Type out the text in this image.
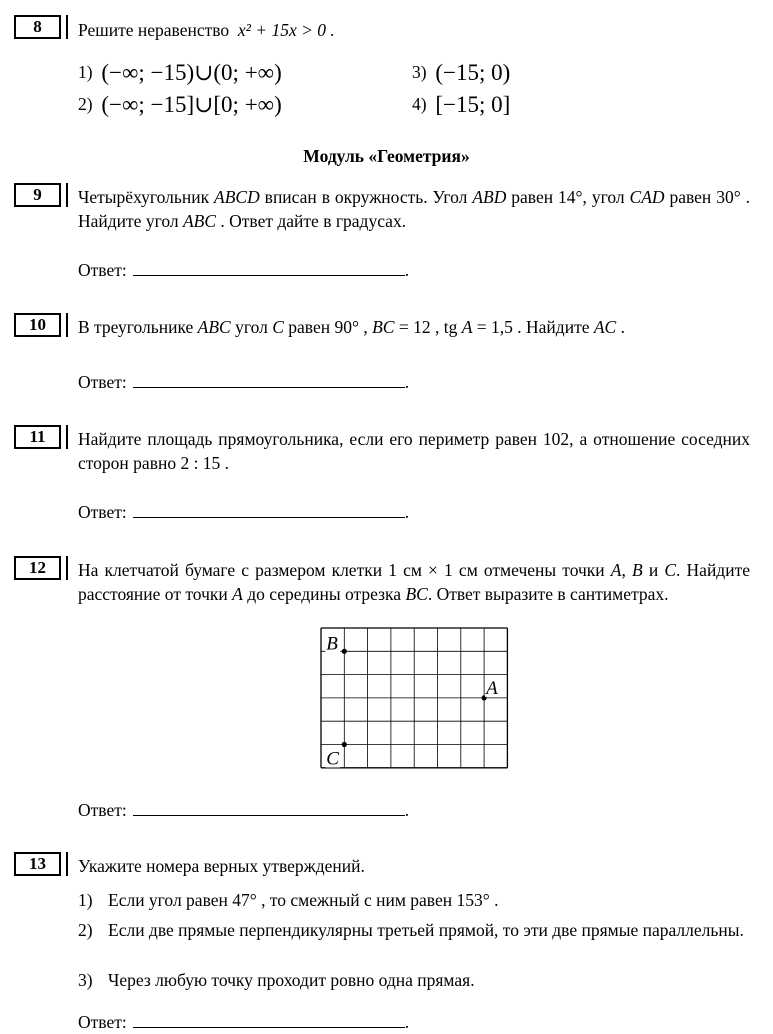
8 Решите неравенство x² + 15x > 0 .
1) (−∞; −15)∪(0; +∞)	3) (−15; 0)
2) (−∞; −15]∪[0; +∞)	4) [−15; 0]
Модуль «Геометрия»
9 Четырёхугольник ABCD вписан в окружность. Угол ABD равен 14°, угол CAD равен 30° . Найдите угол ABC . Ответ дайте в градусах.
Ответ:	.
10 В треугольнике ABC угол C равен 90° , BC = 12 , tg A = 1,5 . Найдите AC .
Ответ:	.
11 Найдите площадь прямоугольника, если его периметр равен 102, а отношение соседних сторон равно 2 : 15 .
Ответ:	.
12 На клетчатой бумаге с размером клетки 1 см × 1 см отмечены точки A, B и C. Найдите расстояние от точки A до середины отрезка BC. Ответ выразите в сантиметрах.
B
A
C
Ответ:	.
13 Укажите номера верных утверждений.
1) Если угол равен 47° , то смежный с ним равен 153° .
2) Если две прямые перпендикулярны третьей прямой, то эти две прямые параллельны.
3) Через любую точку проходит ровно одна прямая.
Ответ:	.
